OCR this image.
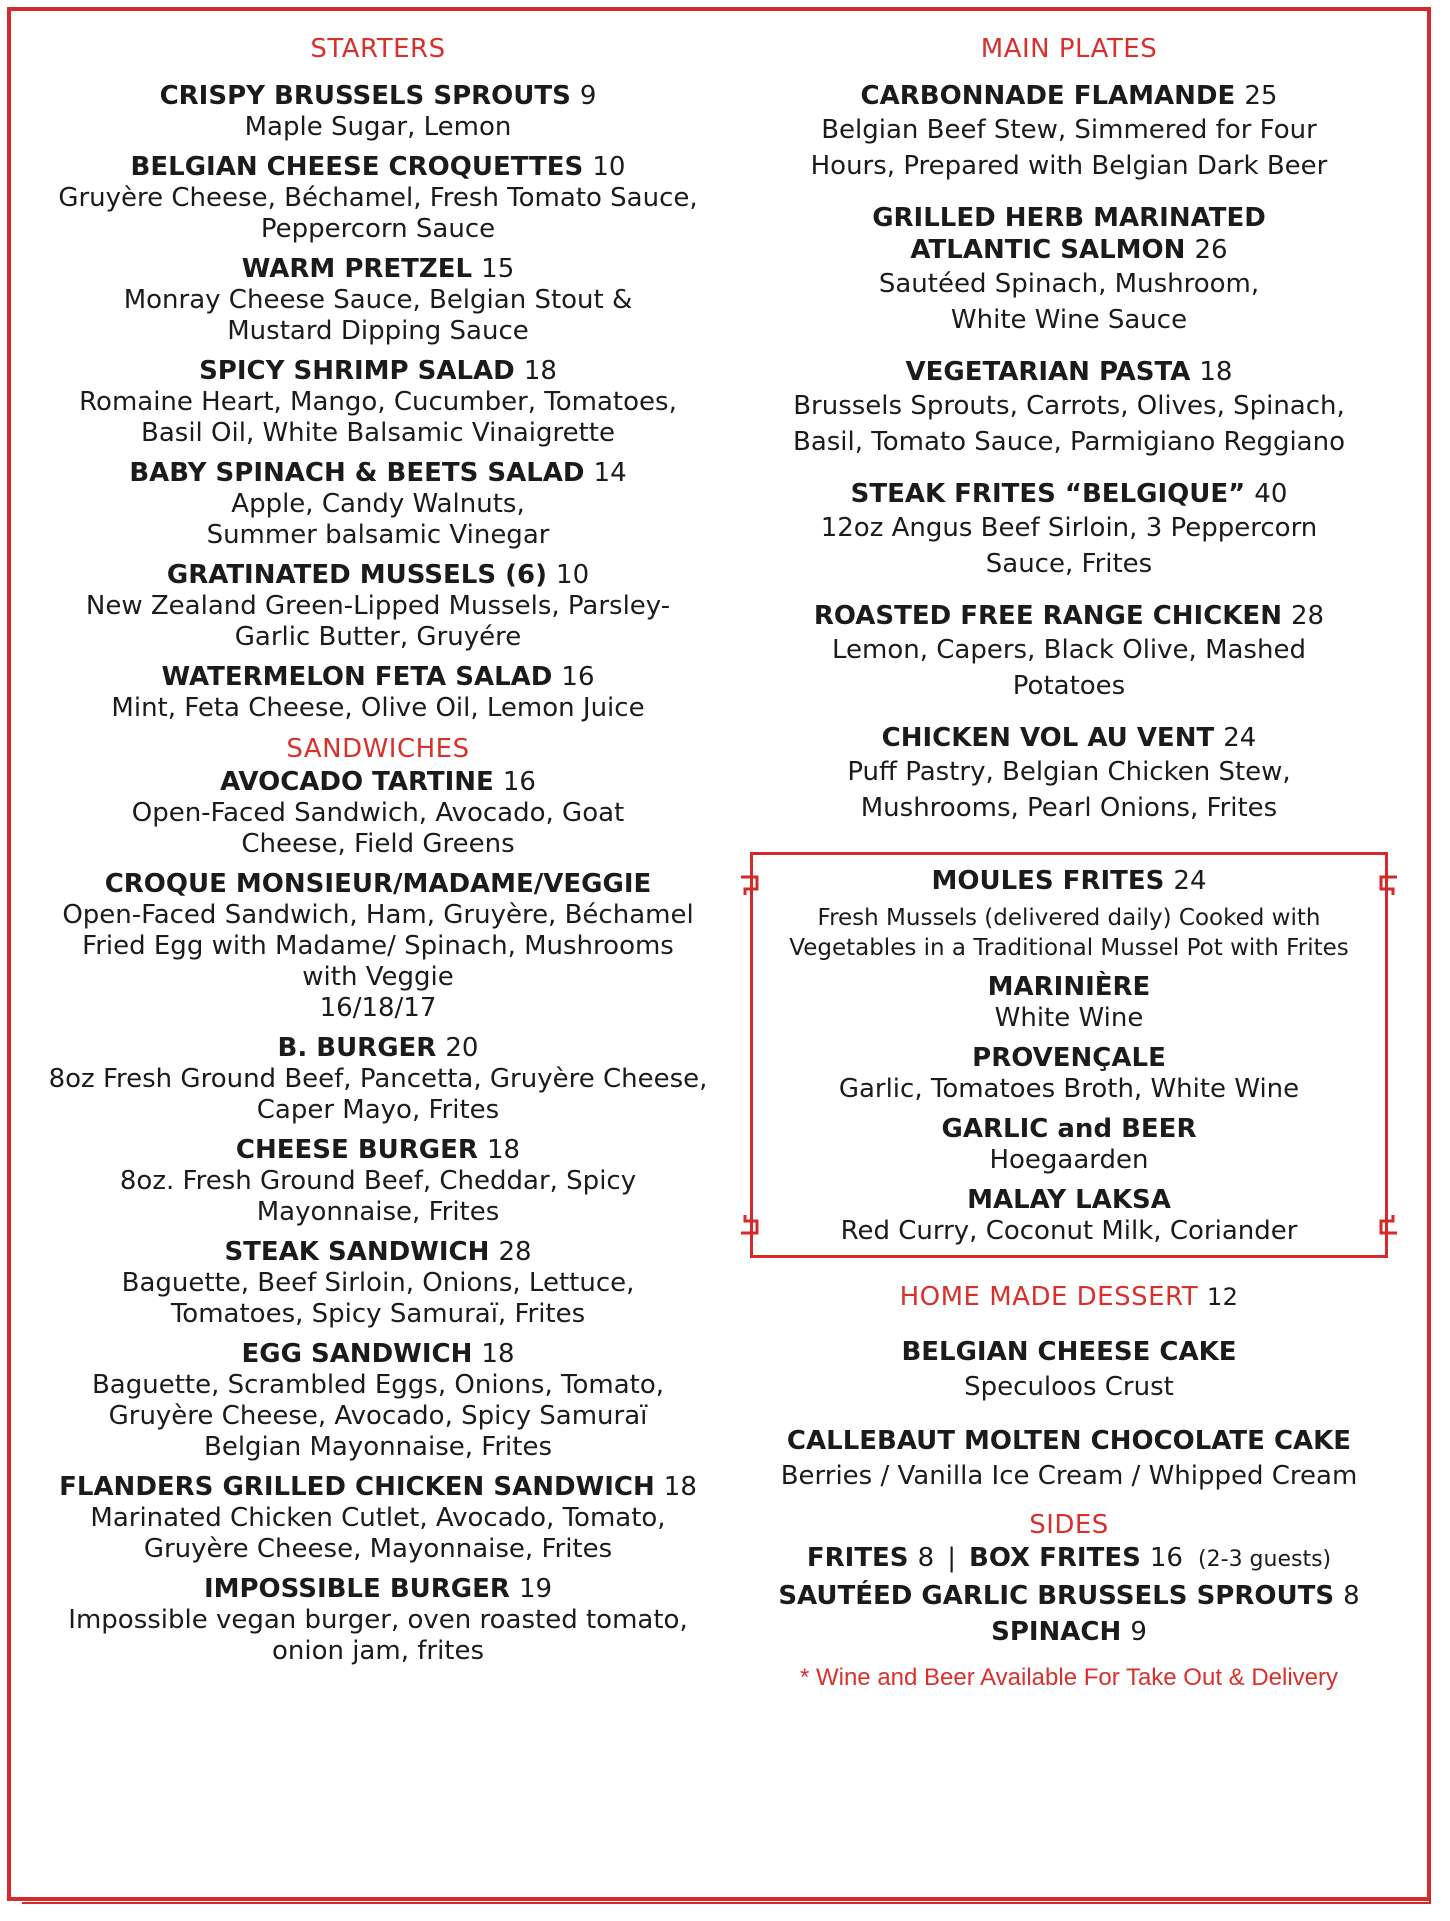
STARTERS

CRISPY BRUSSELS SPROUTS 9

Maple Sugar, Lemon

BELGIAN CHEESE CROQUETTES 10

Gruyère Cheese, Béchamel, Fresh Tomato Sauce,

Peppercorn Sauce

WARM PRETZEL 15

Monray Cheese Sauce, Belgian Stout &

Mustard Dipping Sauce

SPICY SHRIMP SALAD 18

Romaine Heart, Mango, Cucumber, Tomatoes,

Basil Oil, White Balsamic Vinaigrette

BABY SPINACH & BEETS SALAD 14

Apple, Candy Walnuts,

Summer balsamic Vinegar

GRATINATED MUSSELS (6) 10

New Zealand Green-Lipped Mussels, Parsley-

Garlic Butter, Gruyére

WATERMELON FETA SALAD 16

Mint, Feta Cheese, Olive Oil, Lemon Juice

SANDWICHES

AVOCADO TARTINE 16

Open-Faced Sandwich, Avocado, Goat

Cheese, Field Greens

CROQUE MONSIEUR/MADAME/VEGGIE

Open-Faced Sandwich, Ham, Gruyère, Béchamel

Fried Egg with Madame/ Spinach, Mushrooms

with Veggie

16/18/17

B. BURGER 20

8oz Fresh Ground Beef, Pancetta, Gruyère Cheese,

Caper Mayo, Frites

CHEESE BURGER 18

8oz. Fresh Ground Beef, Cheddar, Spicy

Mayonnaise, Frites

STEAK SANDWICH 28

Baguette, Beef Sirloin, Onions, Lettuce,

Tomatoes, Spicy Samuraï, Frites

EGG SANDWICH 18

Baguette, Scrambled Eggs, Onions, Tomato,

Gruyère Cheese, Avocado, Spicy Samuraï

Belgian Mayonnaise, Frites

FLANDERS GRILLED CHICKEN SANDWICH 18

Marinated Chicken Cutlet, Avocado, Tomato,

Gruyère Cheese, Mayonnaise, Frites

IMPOSSIBLE BURGER 19

Impossible vegan burger, oven roasted tomato,

onion jam, frites

MAIN PLATES

CARBONNADE FLAMANDE 25

Belgian Beef Stew, Simmered for Four

Hours, Prepared with Belgian Dark Beer

GRILLED HERB MARINATED

ATLANTIC SALMON 26

Sautéed Spinach, Mushroom,

White Wine Sauce

VEGETARIAN PASTA 18

Brussels Sprouts, Carrots, Olives, Spinach,

Basil, Tomato Sauce, Parmigiano Reggiano

STEAK FRITES “BELGIQUE” 40

12oz Angus Beef Sirloin, 3 Peppercorn

Sauce, Frites

ROASTED FREE RANGE CHICKEN 28

Lemon, Capers, Black Olive, Mashed

Potatoes

CHICKEN VOL AU VENT 24

Puff Pastry, Belgian Chicken Stew,

Mushrooms, Pearl Onions, Frites

MOULES FRITES 24

Fresh Mussels (delivered daily) Cooked with

Vegetables in a Traditional Mussel Pot with Frites

MARINIÈRE

White Wine

PROVENÇALE

Garlic, Tomatoes Broth, White Wine

GARLIC and BEER

Hoegaarden

MALAY LAKSA

Red Curry, Coconut Milk, Coriander

HOME MADE DESSERT 12

BELGIAN CHEESE CAKE

Speculoos Crust

CALLEBAUT MOLTEN CHOCOLATE CAKE

Berries / Vanilla Ice Cream / Whipped Cream

SIDES

FRITES 8 | BOX FRITES 16 (2-3 guests)

SAUTÉED GARLIC BRUSSELS SPROUTS 8

SPINACH 9

* Wine and Beer Available For Take Out & Delivery
